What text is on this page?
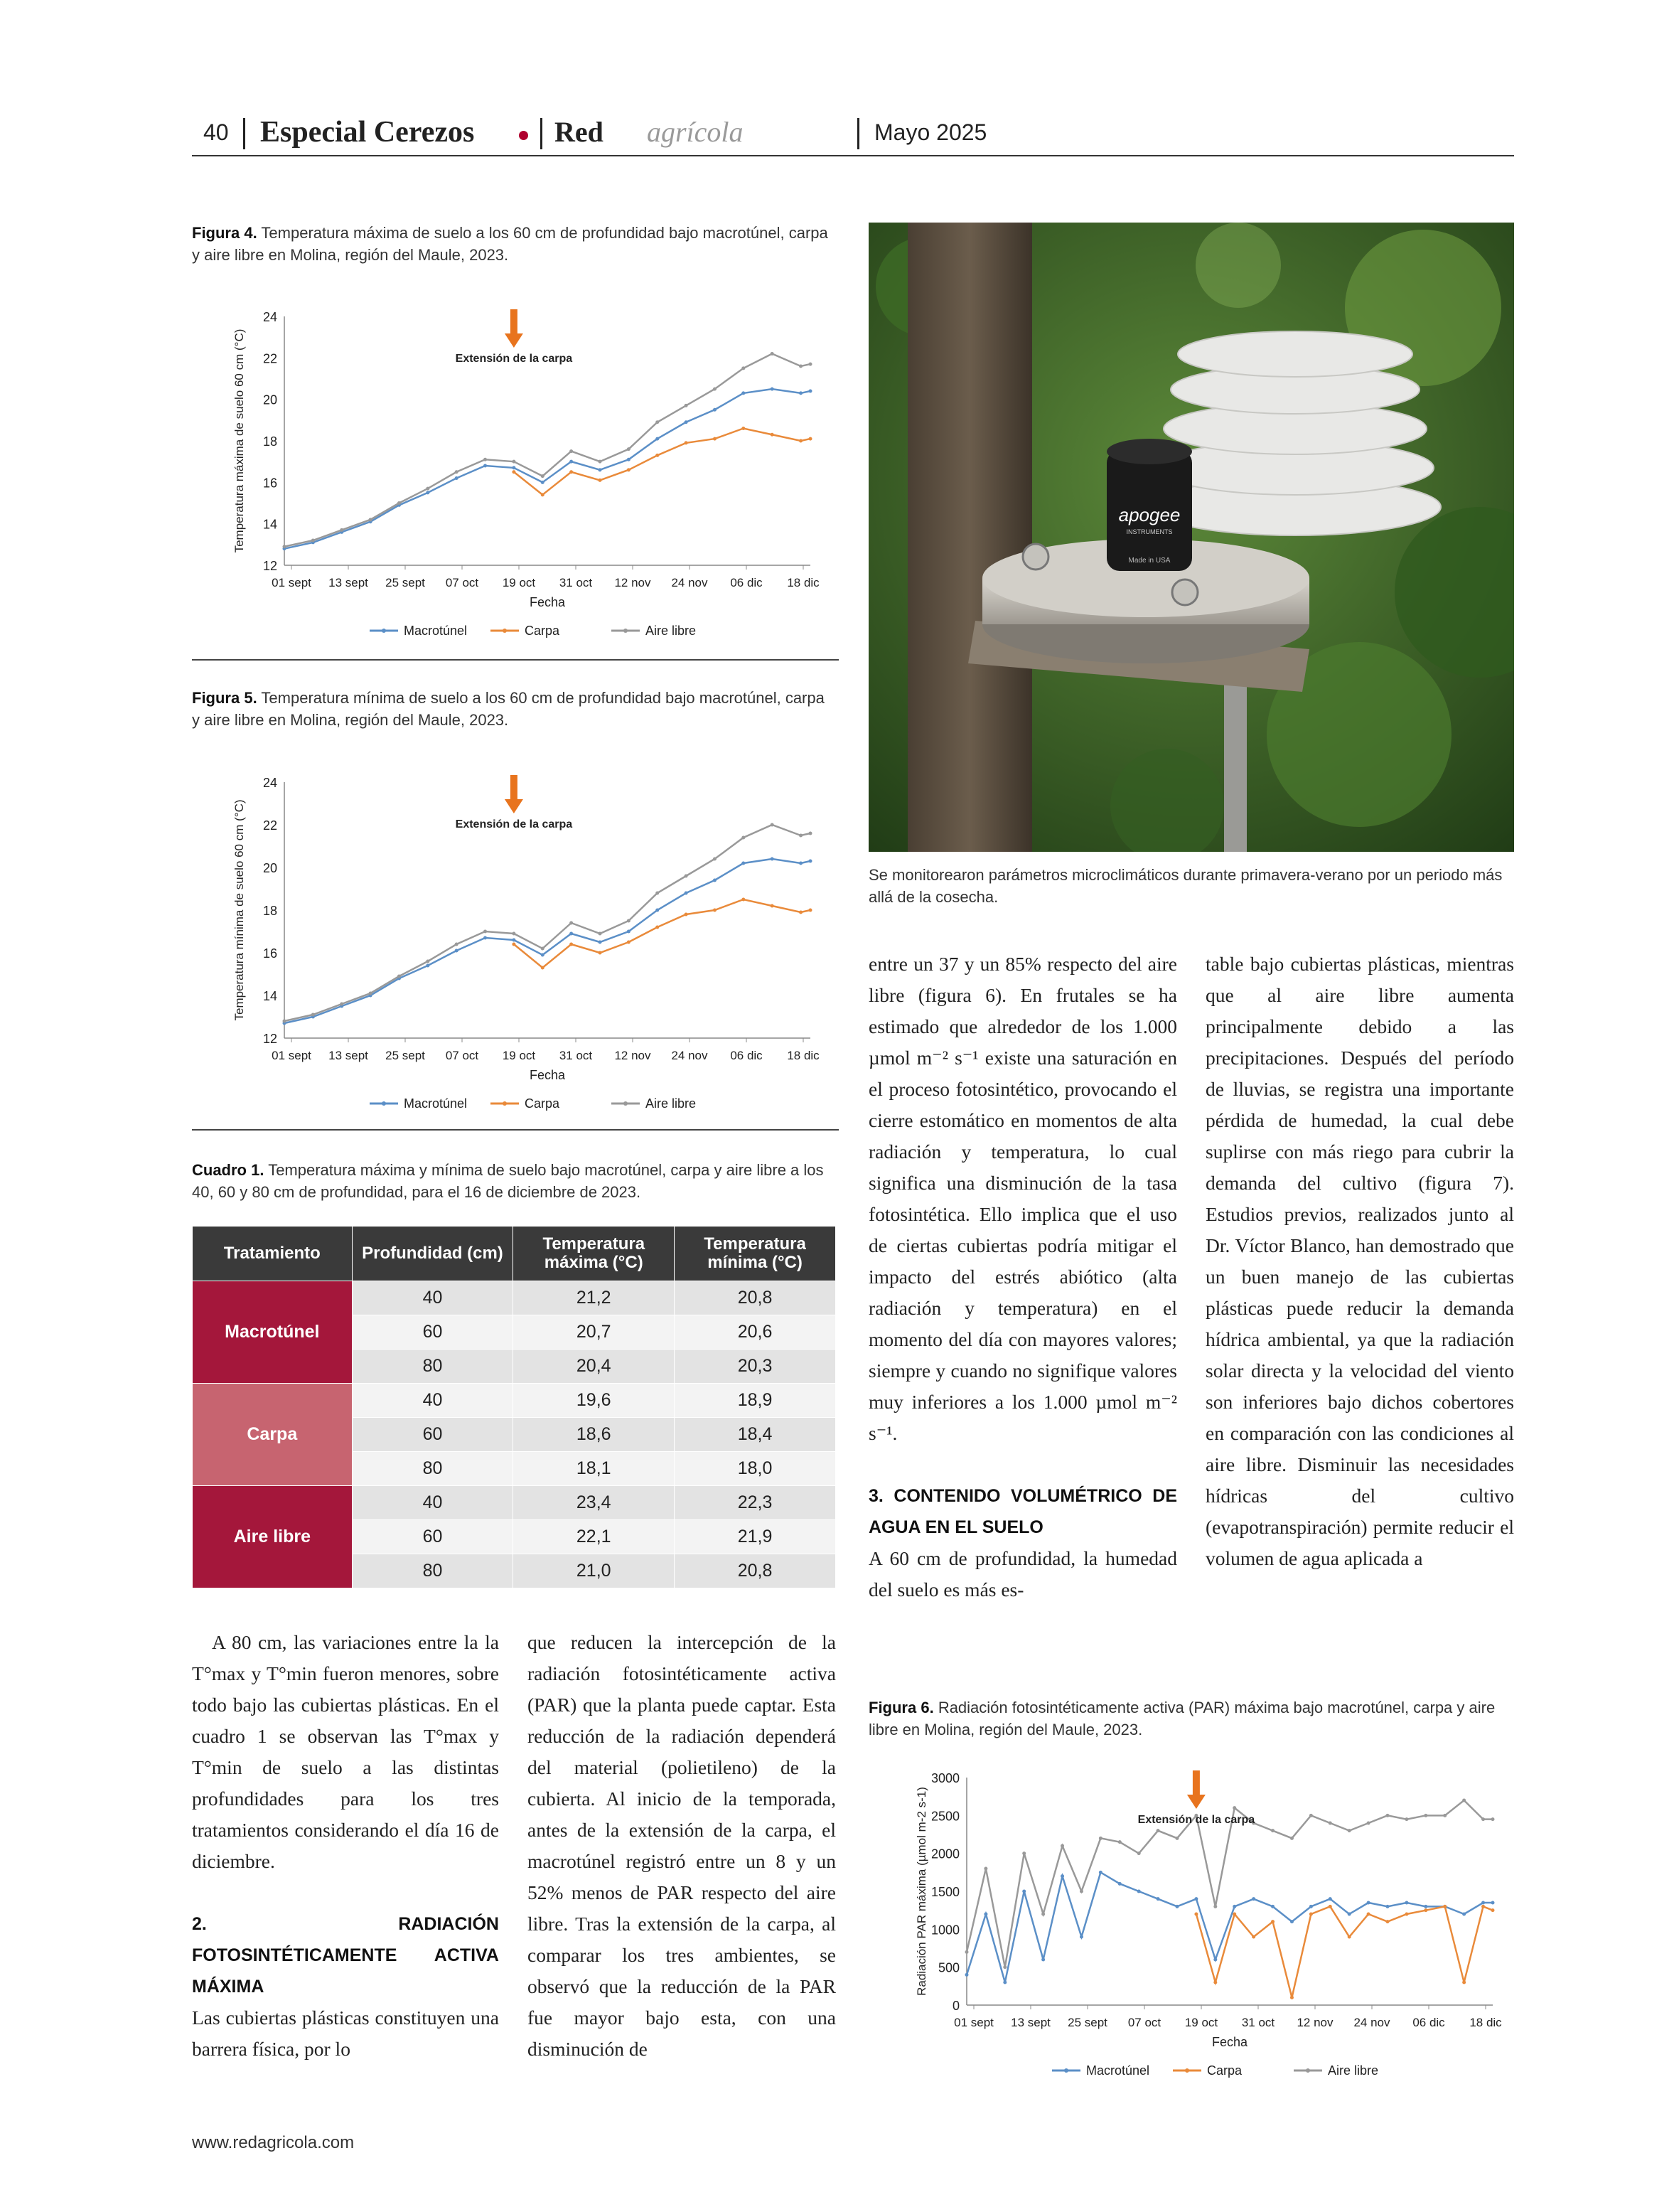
40 Especial Cerezos	Red agrícola	Mayo 2025
Figura 4. Temperatura máxima de suelo a los 60 cm de profundidad bajo macrotúnel, carpa y aire libre en Molina, región del Maule, 2023.
12
14
16
18
20
22
24
01 sept 13 sept 25 sept 07 oct 19 oct 31 oct 12 nov 24 nov 06 dic 18 dic
Fecha
Temperatura máxima de suelo 60 cm (°C)	Extensión de la carpa
Macrotúnel	Carpa	Aire libre
Figura 5. Temperatura mínima de suelo a los 60 cm de profundidad bajo macrotúnel, carpa y aire libre en Molina, región del Maule, 2023.
12
14
16
18
20
22
24
01 sept 13 sept 25 sept 07 oct 19 oct 31 oct 12 nov 24 nov 06 dic 18 dic
Fecha
Temperatura mínima de suelo 60 cm (°C)	Extensión de la carpa
Macrotúnel	Carpa	Aire libre
Cuadro 1. Temperatura máxima y mínima de suelo bajo macrotúnel, carpa y aire libre a los 40, 60 y 80 cm de profundidad, para el 16 de diciembre de 2023.
Tratamiento	Profundidad (cm)	Temperatura máxima (°C)	Temperatura mínima (°C)
Macrotúnel	40	21,2	20,8
	60	20,7	20,6
	80	20,4	20,3
Carpa	40	19,6	18,9
	60	18,6	18,4
	80	18,1	18,0
Aire libre	40	23,4	22,3
	60	22,1	21,9
	80	21,0	20,8
apogee
INSTRUMENTS
Made in USA
Se monitorearon parámetros microclimáticos durante primavera-verano por un periodo más allá de la cosecha.
Figura 6. Radiación fotosintéticamente activa (PAR) máxima bajo macrotúnel, carpa y aire libre en Molina, región del Maule, 2023.
0
500
1000
1500
2000
2500
3000
01 sept 13 sept 25 sept 07 oct 19 oct 31 oct 12 nov 24 nov 06 dic 18 dic
Fecha
Radiación PAR máxima (µmol m-2 s-1)	Extensión de la carpa
Macrotúnel	Carpa	Aire libre

A 80 cm, las variaciones entre la la T°max y T°min fueron menores, sobre todo bajo las cubiertas plásticas. En el cuadro 1 se observan las T°max y T°min de suelo a las distintas profundidades para los tres tratamientos considerando el día 16 de diciembre.

2. RADIACIÓN FOTOSINTÉTICAMENTE ACTIVA MÁXIMA

Las cubiertas plásticas constituyen una barrera física, por lo

que reducen la intercepción de la radiación fotosintéticamente activa (PAR) que la planta puede captar. Esta reducción de la radiación dependerá del material (polietileno) de la cubierta. Al inicio de la temporada, antes de la extensión de la carpa, el macrotúnel registró entre un 8 y un 52% menos de PAR respecto del aire libre. Tras la extensión de la carpa, al comparar los tres ambientes, se observó que la reducción de la PAR fue mayor bajo esta, con una disminución de

entre un 37 y un 85% respecto del aire libre (figura 6). En frutales se ha estimado que alrededor de los 1.000 µmol m⁻² s⁻¹ existe una saturación en el proceso fotosintético, provocando el cierre estomático en momentos de alta radiación y temperatura, lo cual significa una disminución de la tasa fotosintética. Ello implica que el uso de ciertas cubiertas podría mitigar el impacto del estrés abiótico (alta radiación y temperatura) en el momento del día con mayores valores; siempre y cuando no signifique valores muy inferiores a los 1.000 µmol m⁻² s⁻¹.

3. CONTENIDO VOLUMÉTRICO DE AGUA EN EL SUELO

A 60 cm de profundidad, la humedad del suelo es más es-

table bajo cubiertas plásticas, mientras que al aire libre aumenta principalmente debido a las precipitaciones. Después del período de lluvias, se registra una importante pérdida de humedad, la cual debe suplirse con más riego para cubrir la demanda del cultivo (figura 7). Estudios previos, realizados junto al Dr. Víctor Blanco, han demostrado que un buen manejo de las cubiertas plásticas puede reducir la demanda hídrica ambiental, ya que la radiación solar directa y la velocidad del viento son inferiores bajo dichos cobertores en comparación con las condiciones al aire libre. Disminuir las necesidades hídricas del cultivo (evapotranspiración) permite reducir el volumen de agua aplicada a

www.redagricola.com
